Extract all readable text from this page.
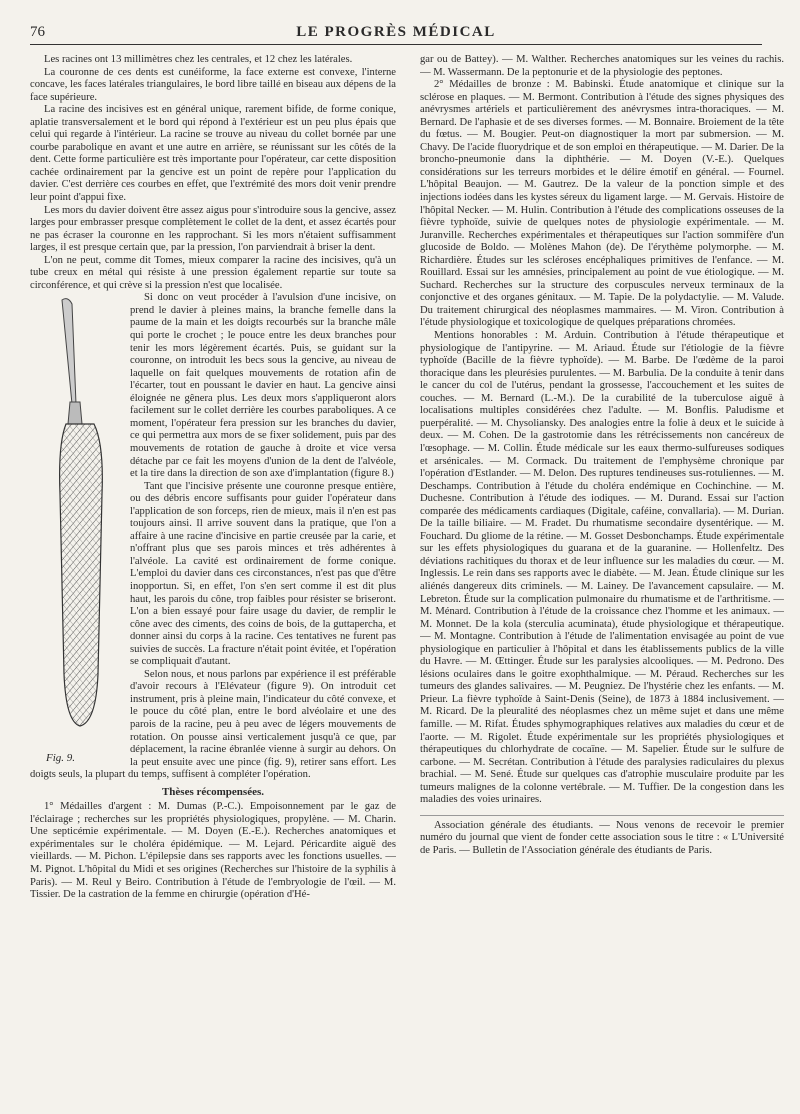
76	LE PROGRÈS MÉDICAL

Les racines ont 13 millimètres chez les centrales, et 12 chez les latérales.

La couronne de ces dents est cunéiforme, la face externe est convexe, l'interne concave, les faces latérales triangulaires, le bord libre taillé en biseau aux dépens de la face supérieure.

La racine des incisives est en général unique, rarement bifide, de forme conique, aplatie transversalement et le bord qui répond à l'extérieur est un peu plus épais que celui qui regarde à l'intérieur. La racine se trouve au niveau du collet bornée par une courbe parabolique en avant et une autre en arrière, se réunissant sur les côtés de la dent. Cette forme particulière est très importante pour l'opérateur, car cette disposition cachée ordinairement par la gencive est un point de repère pour l'application du davier. C'est derrière ces courbes en effet, que l'extrémité des mors doit venir prendre leur point d'appui fixe.

Les mors du davier doivent être assez aigus pour s'introduire sous la gencive, assez larges pour embrasser presque complètement le collet de la dent, et assez écartés pour ne pas écraser la couronne en les rapprochant. Si les mors n'étaient suffisamment larges, il est presque certain que, par la pression, l'on parviendrait à briser la dent.

L'on ne peut, comme dit Tomes, mieux comparer la racine des incisives, qu'à un tube creux en métal qui résiste à une pression également repartie sur toute sa circonférence, et qui crève si la pression n'est que localisée.

Fig. 9.

Si donc on veut procéder à l'avulsion d'une incisive, on prend le davier à pleines mains, la branche femelle dans la paume de la main et les doigts recourbés sur la branche mâle qui porte le crochet ; le pouce entre les deux branches pour tenir les mors légèrement écartés. Puis, se guidant sur la couronne, on introduit les becs sous la gencive, au niveau de laquelle on fait quelques mouvements de rotation afin de l'écarter, tout en poussant le davier en haut. La gencive ainsi éloignée ne gênera plus. Les deux mors s'appliqueront alors facilement sur le collet derrière les courbes paraboliques. A ce moment, l'opérateur fera pression sur les branches du davier, ce qui permettra aux mors de se fixer solidement, puis par des mouvements de rotation de gauche à droite et vice versa détache par ce fait les moyens d'union de la dent de l'alvéole, et la tire dans la direction de son axe d'implantation (figure 8.)

Tant que l'incisive présente une couronne presque entière, ou des débris encore suffisants pour guider l'opérateur dans l'application de son forceps, rien de mieux, mais il n'en est pas toujours ainsi. Il arrive souvent dans la pratique, que l'on a affaire à une racine d'incisive en partie creusée par la carie, et n'offrant plus que ses parois minces et très adhérentes à l'alvéole. La cavité est ordinairement de forme conique. L'emploi du davier dans ces circonstances, n'est pas que d'être inopportun. Si, en effet, l'on s'en sert comme il est dit plus haut, les parois du cône, trop faibles pour résister se briseront. L'on a bien essayé pour faire usage du davier, de remplir le cône avec des ciments, des coins de bois, de la guttapercha, et donner ainsi du corps à la racine. Ces tentatives ne furent pas suivies de succès. La fracture n'était point évitée, et l'opération se compliquait d'autant.

Selon nous, et nous parlons par expérience il est préférable d'avoir recours à l'Elévateur (figure 9). On introduit cet instrument, pris à pleine main, l'indicateur du côté convexe, et le pouce du côté plan, entre le bord alvéolaire et une des parois de la racine, peu à peu avec de légers mouvements de rotation. On pousse ainsi verticalement jusqu'à ce que, par déplacement, la racine ébranlée vienne à surgir au dehors. On la peut ensuite avec une pince (fig. 9), retirer sans effort. Les doigts seuls, la plupart du temps, suffisent à compléter l'opération.

Thèses récompensées.

1° Médailles d'argent : M. Dumas (P.-C.). Empoisonnement par le gaz de l'éclairage ; recherches sur les propriétés physiologiques, propylène. — M. Charin. Une septicémie expérimentale. — M. Doyen (E.-E.). Recherches anatomiques et expérimentales sur le choléra épidémique. — M. Lejard. Péricardite aiguë des vieillards. — M. Pichon. L'épilepsie dans ses rapports avec les fonctions usuelles. — M. Pignot. L'hôpital du Midi et ses origines (Recherches sur l'histoire de la syphilis à Paris). — M. Reul y Beiro. Contribution à l'étude de l'embryologie de l'œil. — M. Tissier. De la castration de la femme en chirurgie (opération d'Hé-

gar ou de Battey). — M. Walther. Recherches anatomiques sur les veines du rachis. — M. Wassermann. De la peptonurie et de la physiologie des peptones.

2° Médailles de bronze : M. Babinski. Étude anatomique et clinique sur la sclérose en plaques. — M. Bermont. Contribution à l'étude des signes physiques des anévrysmes artériels et particulièrement des anévrysmes intra-thoraciques. — M. Bernard. De l'aphasie et de ses diverses formes. — M. Bonnaire. Broiement de la tête du fœtus. — M. Bougier. Peut-on diagnostiquer la mort par submersion. — M. Chavy. De l'acide fluorydrique et de son emploi en thérapeutique. — M. Darier. De la broncho-pneumonie dans la diphthérie. — M. Doyen (V.-E.). Quelques considérations sur les terreurs morbides et le délire émotif en général. — Fournel. L'hôpital Beaujon. — M. Gautrez. De la valeur de la ponction simple et des injections iodées dans les kystes séreux du ligament large. — M. Gervais. Histoire de l'hôpital Necker. — M. Hulin. Contribution à l'étude des complications osseuses de la fièvre typhoïde, suivie de quelques notes de physiologie expérimentale. — M. Juranville. Recherches expérimentales et thérapeutiques sur l'action sommifère d'un glucoside de Boldo. — Molènes Mahon (de). De l'érythème polymorphe. — M. Richardière. Études sur les scléroses encéphaliques primitives de l'enfance. — M. Rouillard. Essai sur les amnésies, principalement au point de vue étiologique. — M. Suchard. Recherches sur la structure des corpuscules nerveux terminaux de la conjonctive et des organes génitaux. — M. Tapie. De la polydactylie. — M. Valude. Du traitement chirurgical des néoplasmes mammaires. — M. Viron. Contribution à l'étude physiologique et toxicologique de quelques préparations chromées.

Mentions honorables : M. Arduin. Contribution à l'étude thérapeutique et physiologique de l'antipyrine. — M. Ariaud. Étude sur l'étiologie de la fièvre typhoïde (Bacille de la fièvre typhoïde). — M. Barbe. De l'œdème de la paroi thoracique dans les pleurésies purulentes. — M. Barbulia. De la conduite à tenir dans le cancer du col de l'utérus, pendant la grossesse, l'accouchement et les suites de couches. — M. Bernard (L.-M.). De la curabilité de la tuberculose aiguë à localisations multiples considérées chez l'adulte. — M. Bonflis. Paludisme et puerpéralité. — M. Chysoliansky. Des analogies entre la folie à deux et le suicide à deux. — M. Cohen. De la gastrotomie dans les rétrécissements non cancéreux de l'œsophage. — M. Collin. Étude médicale sur les eaux thermo-sulfureuses sodiques et arsénicales. — M. Cormack. Du traitement de l'emphysème chronique par l'opération d'Estlander. — M. Delon. Des ruptures tendineuses sus-rotuliennes. — M. Deschamps. Contribution à l'étude du choléra endémique en Cochinchine. — M. Duchesne. Contribution à l'étude des iodiques. — M. Durand. Essai sur l'action comparée des médicaments cardiaques (Digitale, caféine, convallaria). — M. Durian. De la taille biliaire. — M. Fradet. Du rhumatisme secondaire dysentérique. — M. Fouchard. Du gliome de la rétine. — M. Gosset Desbonchamps. Étude expérimentale sur les effets physiologiques du guarana et de la guaranine. — Hollenfeltz. Des déviations rachitiques du thorax et de leur influence sur les maladies du cœur. — M. Inglessis. Le rein dans ses rapports avec le diabète. — M. Jean. Étude clinique sur les aliénés dangereux dits criminels. — M. Lainey. De l'avancement capsulaire. — M. Lebreton. Étude sur la complication pulmonaire du rhumatisme et de l'arthritisme. — M. Ménard. Contribution à l'étude de la croissance chez l'homme et les animaux. — M. Monnet. De la kola (sterculia acuminata), étude physiologique et thérapeutique. — M. Montagne. Contribution à l'étude de l'alimentation envisagée au point de vue physiologique en particulier à l'hôpital et dans les établissements publics de la ville du Havre. — M. Œttinger. Étude sur les paralysies alcooliques. — M. Pedrono. Des lésions oculaires dans le goitre exophthalmique. — M. Péraud. Recherches sur les tumeurs des glandes salivaires. — M. Peugniez. De l'hystérie chez les enfants. — M. Prieur. La fièvre typhoïde à Saint-Denis (Seine), de 1873 à 1884 inclusivement. — M. Ricard. De la pleuralité des néoplasmes chez un même sujet et dans une même famille. — M. Rifat. Études sphymographiques relatives aux maladies du cœur et de l'aorte. — M. Rigolet. Étude expérimentale sur les propriétés physiologiques et thérapeutiques du chlorhydrate de cocaïne. — M. Sapelier. Étude sur le sulfure de carbone. — M. Secrétan. Contribution à l'étude des paralysies radiculaires du plexus brachial. — M. Sené. Étude sur quelques cas d'atrophie musculaire produite par les tumeurs malignes de la colonne vertébrale. — M. Tuffier. De la congestion dans les maladies des voies urinaires.

Association générale des étudiants. — Nous venons de recevoir le premier numéro du journal que vient de fonder cette association sous le titre : « L'Université de Paris. — Bulletin de l'Association générale des étudiants de Paris.
